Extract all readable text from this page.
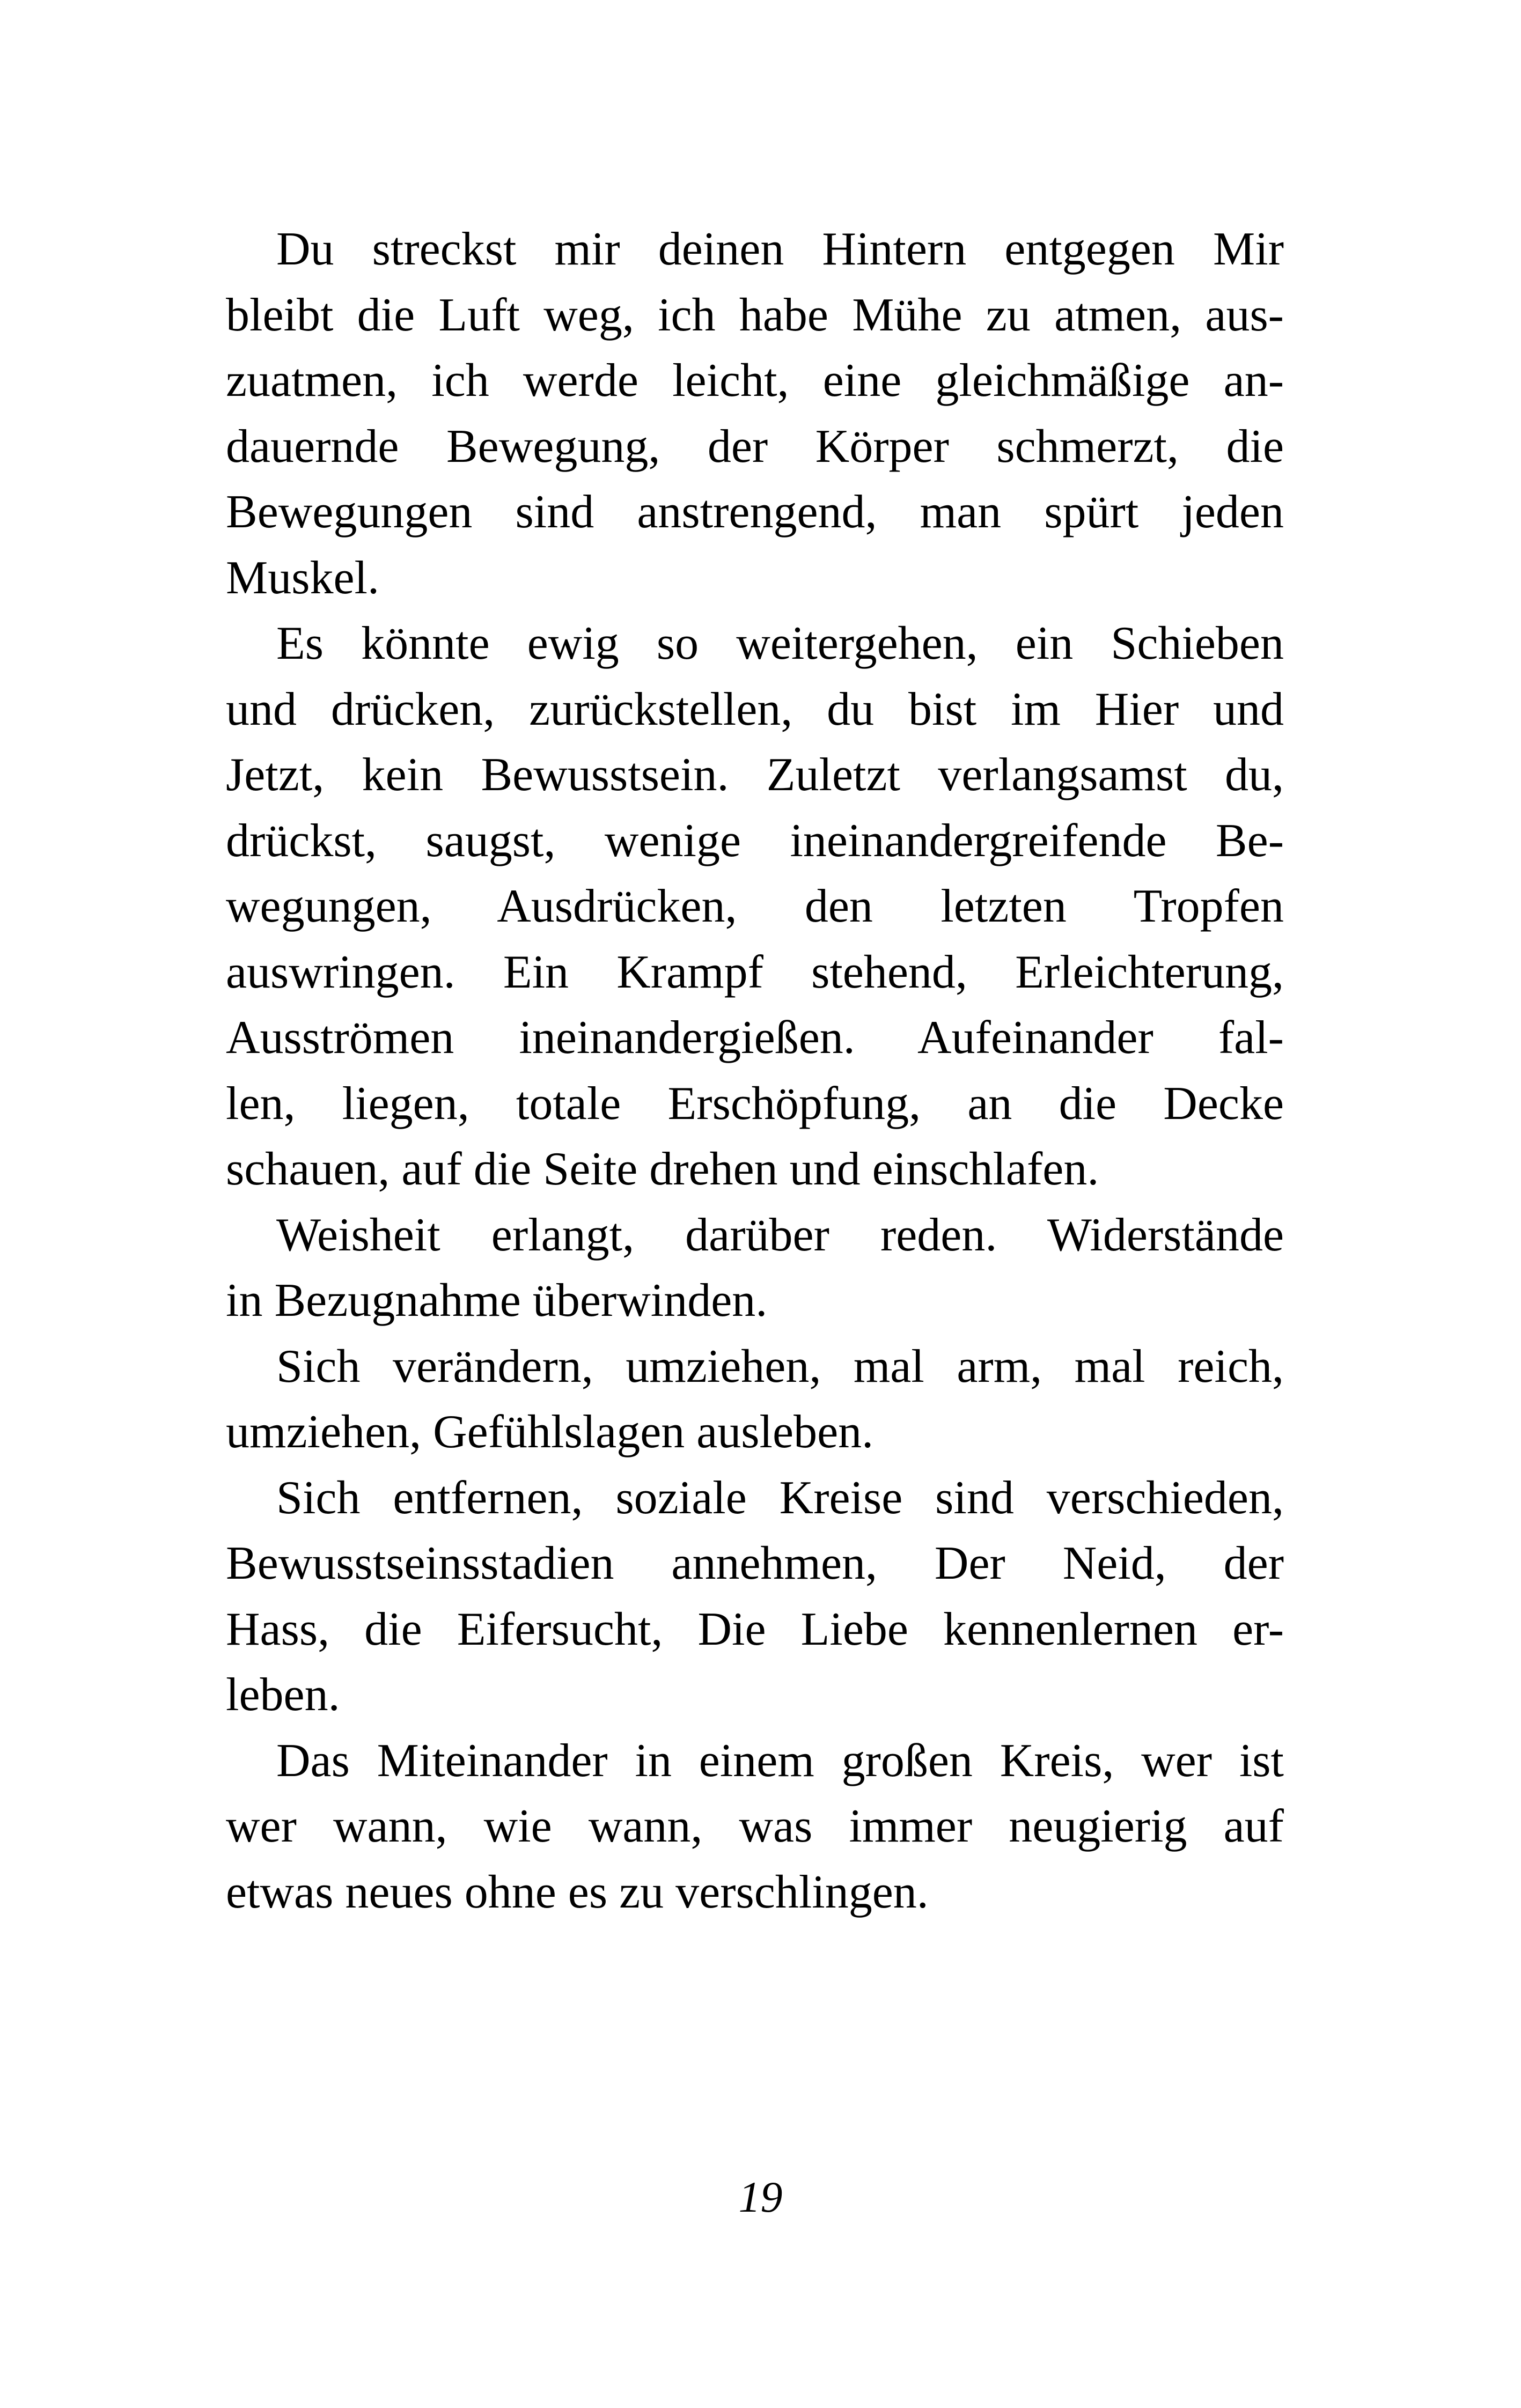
Du streckst mir deinen Hintern entgegen Mir
bleibt die Luft weg, ich habe Mühe zu atmen, aus-
zuatmen, ich werde leicht, eine gleichmäßige an-
dauernde Bewegung, der Körper schmerzt, die
Bewegungen sind anstrengend, man spürt jeden
Muskel.
Es könnte ewig so weitergehen, ein Schieben
und drücken, zurückstellen, du bist im Hier und
Jetzt, kein Bewusstsein. Zuletzt verlangsamst du,
drückst, saugst, wenige ineinandergreifende Be-
wegungen, Ausdrücken, den letzten Tropfen
auswringen. Ein Krampf stehend, Erleichterung,
Ausströmen ineinandergießen. Aufeinander fal-
len, liegen, totale Erschöpfung, an die Decke
schauen, auf die Seite drehen und einschlafen.
Weisheit erlangt, darüber reden. Widerstände
in Bezugnahme überwinden.
Sich verändern, umziehen, mal arm, mal reich,
umziehen, Gefühlslagen ausleben.
Sich entfernen, soziale Kreise sind verschieden,
Bewusstseinsstadien annehmen, Der Neid, der
Hass, die Eifersucht, Die Liebe kennenlernen er-
leben.
Das Miteinander in einem großen Kreis, wer ist
wer wann, wie wann, was immer neugierig auf
etwas neues ohne es zu verschlingen.
19
